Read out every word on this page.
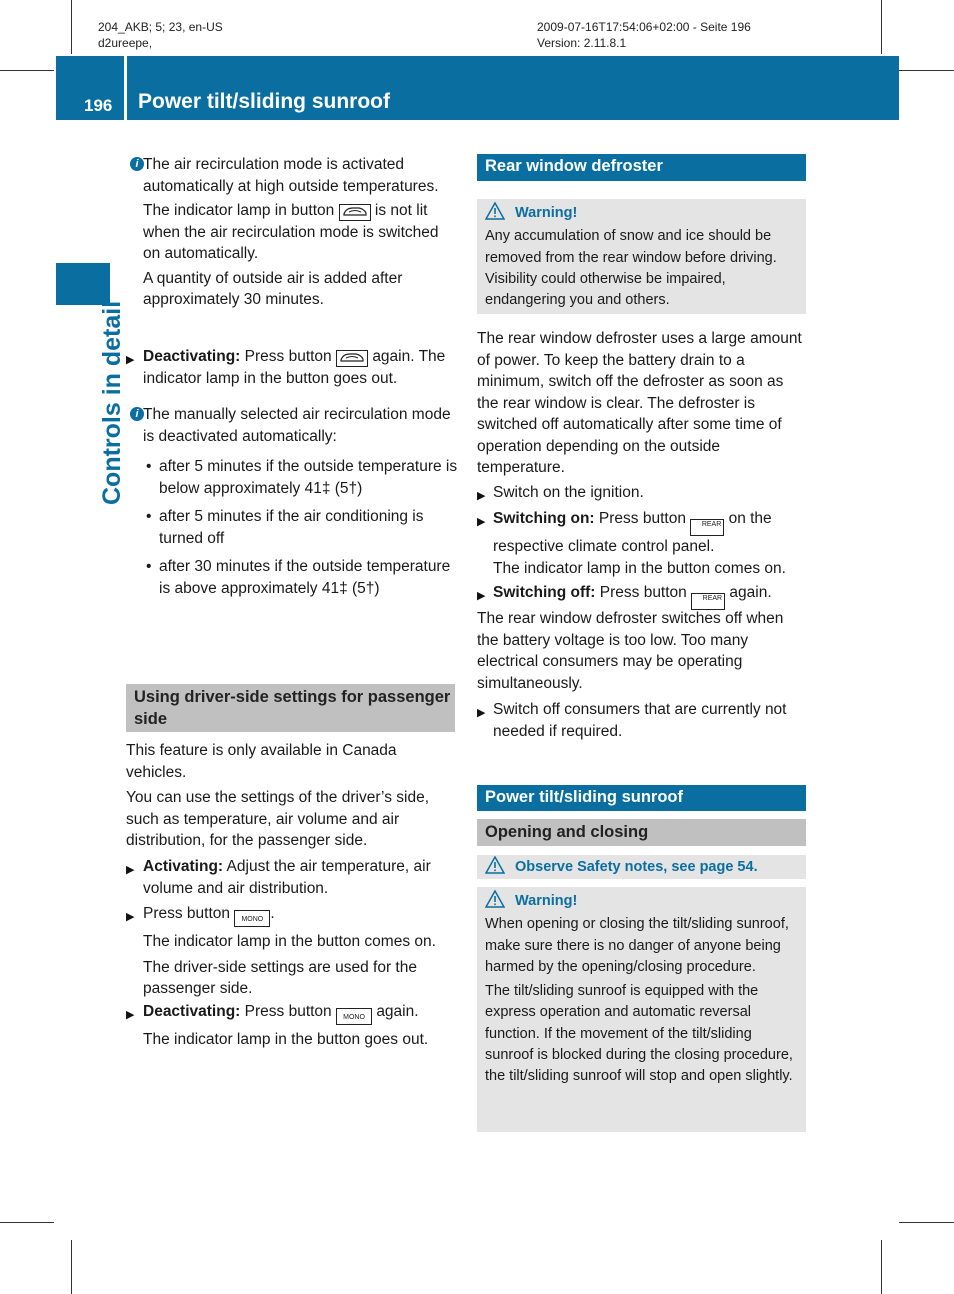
204_AKB; 5; 23, en-US
d2ureepe,
2009-07-16T17:54:06+02:00 - Seite 196
Version: 2.11.8.1
196 Power tilt/sliding sunroof
Controls in detail
i The air recirculation mode is activated automatically at high outside temperatures.

The indicator lamp in button	is not lit when the air recirculation mode is switched on automatically.

A quantity of outside air is added after approximately 30 minutes.

▶ Deactivating: Press button	again. The indicator lamp in the button goes out.

i The manually selected air recirculation mode is deactivated automatically:

• after 5 minutes if the outside temperature is below approximately 41‡ (5†)
• after 5 minutes if the air conditioning is turned off
• after 30 minutes if the outside temperature is above approximately 41‡ (5†)
Using driver-side settings for passenger side

This feature is only available in Canada vehicles.

You can use the settings of the driver’s side, such as temperature, air volume and air distribution, for the passenger side.

▶ Activating: Adjust the air temperature, air volume and air distribution.

▶ Press button MONO .

The indicator lamp in the button comes on.

The driver-side settings are used for the passenger side.

▶ Deactivating: Press button MONO again.

The indicator lamp in the button goes out.

Rear window defroster
Warning!
Any accumulation of snow and ice should be removed from the rear window before driving. Visibility could otherwise be impaired, endangering you and others.

The rear window defroster uses a large amount of power. To keep the battery drain to a minimum, switch off the defroster as soon as the rear window is clear. The defroster is switched off automatically after some time of operation depending on the outside temperature.

▶ Switch on the ignition.

▶ Switching on: Press button REAR on the respective climate control panel.

The indicator lamp in the button comes on.

▶ Switching off: Press button REAR again.

The rear window defroster switches off when the battery voltage is too low. Too many electrical consumers may be operating simultaneously.

▶ Switch off consumers that are currently not needed if required.

Power tilt/sliding sunroof
Opening and closing
Observe Safety notes, see page 54.
Warning!
When opening or closing the tilt/sliding sunroof, make sure there is no danger of anyone being harmed by the opening/closing procedure.
The tilt/sliding sunroof is equipped with the express operation and automatic reversal function. If the movement of the tilt/sliding sunroof is blocked during the closing procedure, the tilt/sliding sunroof will stop and open slightly.
